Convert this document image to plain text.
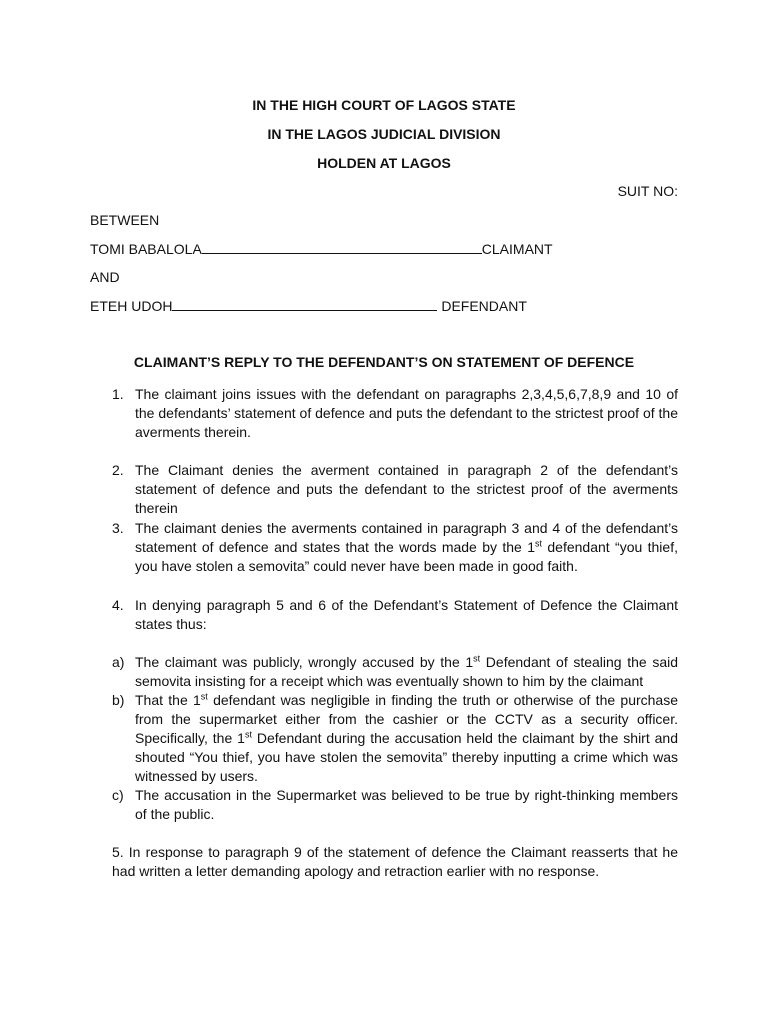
IN THE HIGH COURT OF LAGOS STATE
IN THE LAGOS JUDICIAL DIVISION
HOLDEN AT LAGOS
SUIT NO:
BETWEEN
TOMI BABALOLA	CLAIMANT
AND
ETEH UDOH	DEFENDANT
CLAIMANT’S REPLY TO THE DEFENDANT’S ON STATEMENT OF DEFENCE
1. The claimant joins issues with the defendant on paragraphs 2,3,4,5,6,7,8,9 and 10 of the defendants’ statement of defence and puts the defendant to the strictest proof of the averments therein.
2. The Claimant denies the averment contained in paragraph 2 of the defendant’s statement of defence and puts the defendant to the strictest proof of the averments therein
3. The claimant denies the averments contained in paragraph 3 and 4 of the defendant’s statement of defence and states that the words made by the 1st defendant “you thief, you have stolen a semovita” could never have been made in good faith.
4. In denying paragraph 5 and 6 of the Defendant’s Statement of Defence the Claimant states thus:
a) The claimant was publicly, wrongly accused by the 1st Defendant of stealing the said semovita insisting for a receipt which was eventually shown to him by the claimant
b) That the 1st defendant was negligible in finding the truth or otherwise of the purchase from the supermarket either from the cashier or the CCTV as a security officer. Specifically, the 1st Defendant during the accusation held the claimant by the shirt and shouted “You thief, you have stolen the semovita” thereby inputting a crime which was witnessed by users.
c) The accusation in the Supermarket was believed to be true by right-thinking members of the public.
5. In response to paragraph 9 of the statement of defence the Claimant reasserts that he had written a letter demanding apology and retraction earlier with no response.
